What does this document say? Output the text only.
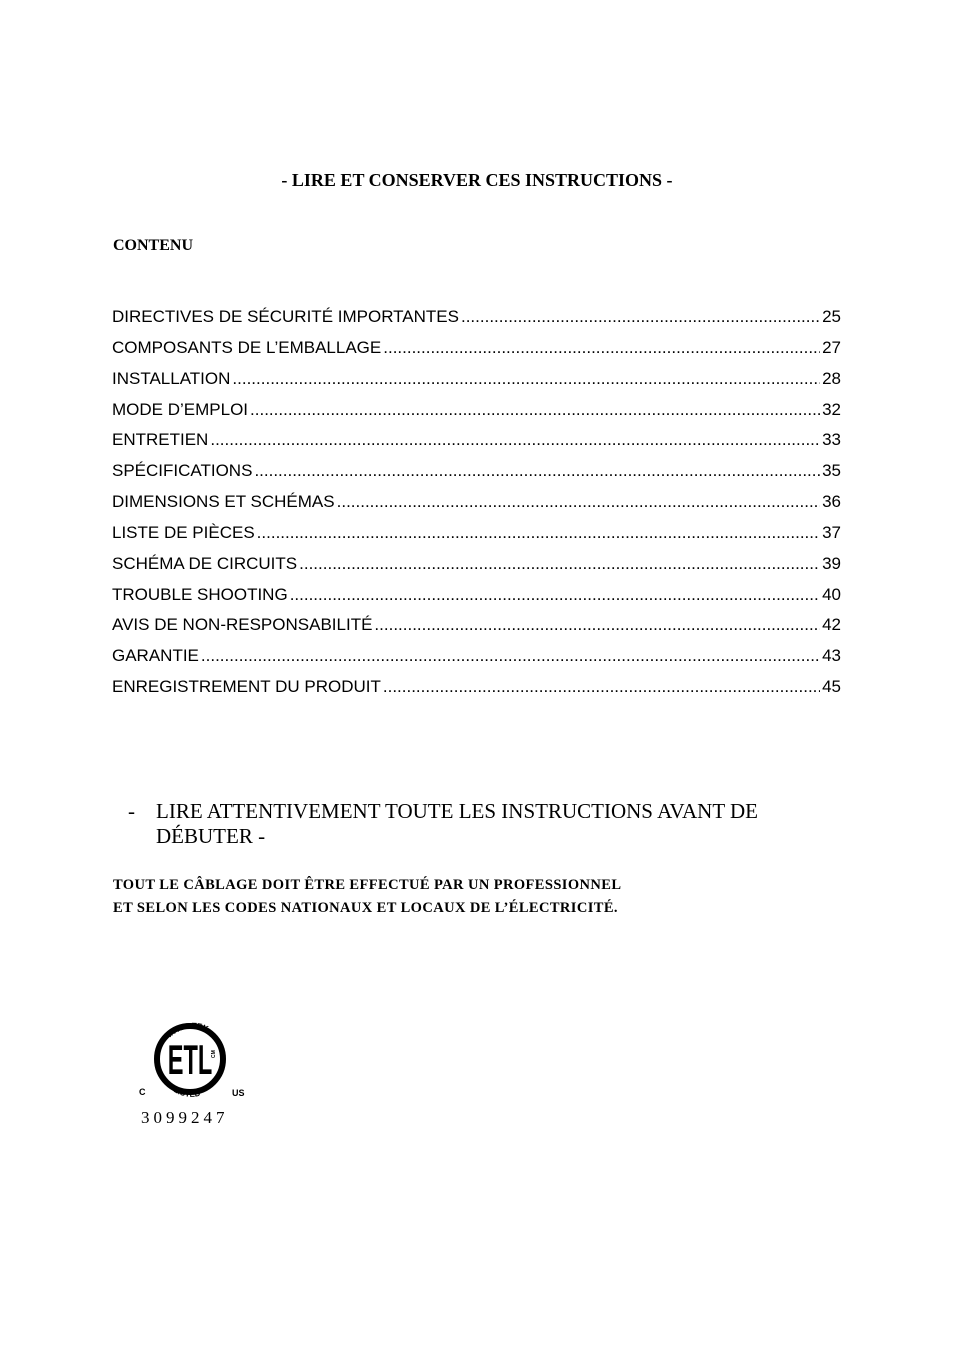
- LIRE ET CONSERVER CES INSTRUCTIONS -
CONTENU
DIRECTIVES DE SÉCURITÉ IMPORTANTES .....	25
COMPOSANTS DE L’EMBALLAGE .....	27
INSTALLATION .....	28
MODE D’EMPLOI .....	32
ENTRETIEN .....	33
SPÉCIFICATIONS .....	35
DIMENSIONS ET SCHÉMAS .....	36
LISTE DE PIÈCES .....	37
SCHÉMA DE CIRCUITS .....	39
TROUBLE SHOOTING .....	40
AVIS DE NON-RESPONSABILITÉ .....	42
GARANTIE .....	43
ENREGISTREMENT DU PRODUIT .....	45
- LIRE ATTENTIVEMENT TOUTE LES INSTRUCTIONS AVANT DE DÉBUTER -
TOUT LE CÂBLAGE DOIT ÊTRE EFFECTUÉ PAR UN PROFESSIONNEL
ET SELON LES CODES NATIONAUX ET LOCAUX DE L’ÉLECTRICITÉ.
INTERTEK
LISTED
ETL
CM
C	US
3099247
